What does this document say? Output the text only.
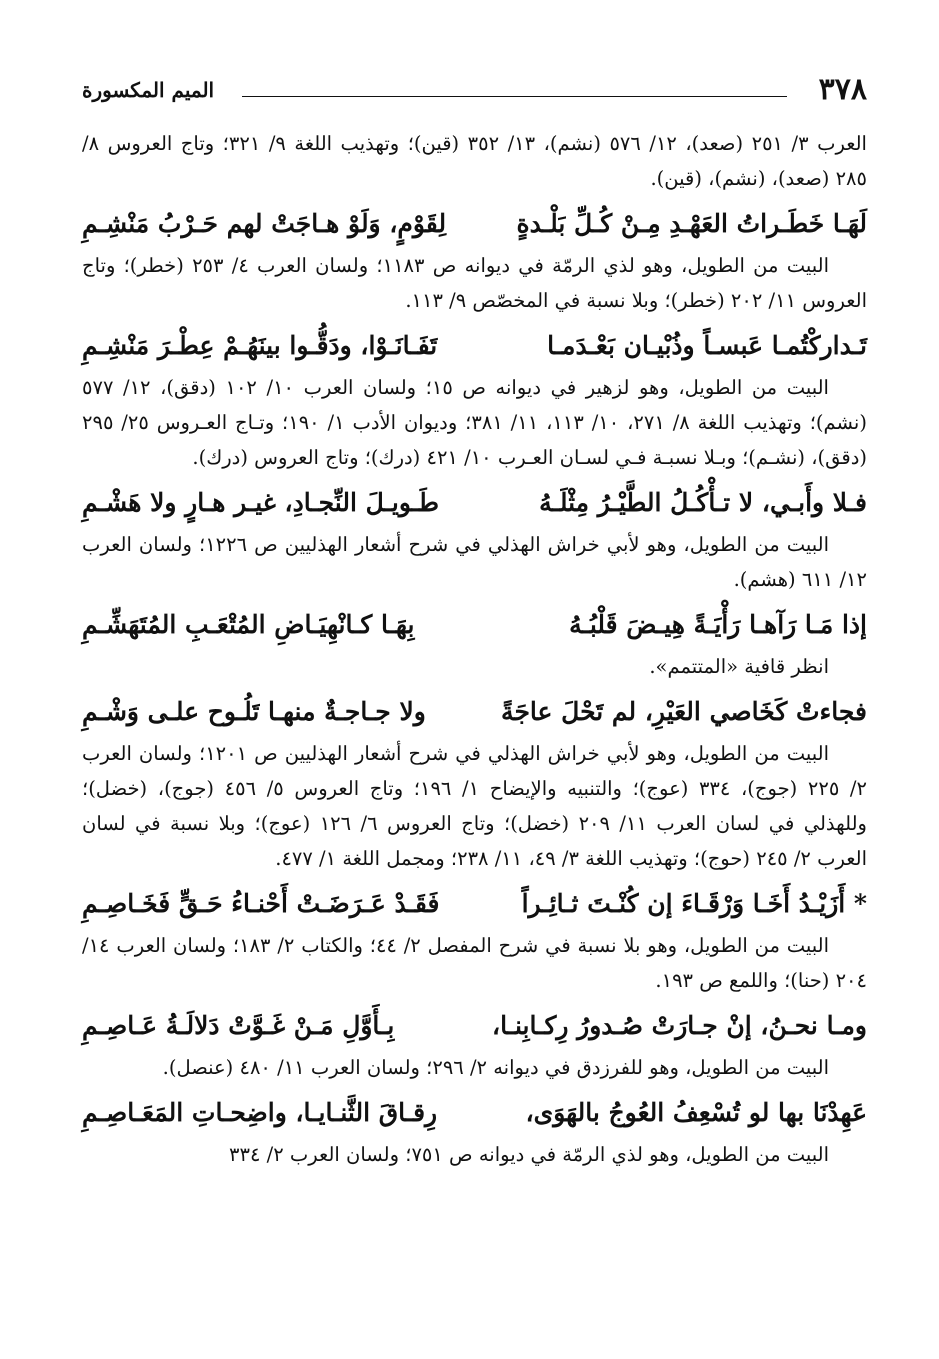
٣٧٨
الميم المكسورة

العرب ٣/ ٢٥١ (صعد)، ١٢/ ٥٧٦ (نشم)، ١٣/ ٣٥٢ (قين)؛ وتهذيب اللغة ٩/ ٣٢١؛ وتاج العروس ٨/ ٢٨٥ (صعد)، (نشم)، (قين).

لَهَـا خَطَـراتُ العَهْـدِ مِـنْ كُـلِّ بَلْـدةٍ
لِقَوْمٍ، وَلَوْ هـاجَتْ لهم حَـرْبُ مَنْشِـمِ

البيت من الطويل، وهو لذي الرمّة في ديوانه ص ١١٨٣؛ ولسان العرب ٤/ ٢٥٣ (خطر)؛ وتاج العروس ١١/ ٢٠٢ (خطر)؛ وبلا نسبة في المخصّص ٩/ ١١٣.

تَـداركْتُمـا عَبسـاً وذُبْيـان بَعْـدَمـا
تَفَـانَـوْا، ودَقُّـوا بينَهُـمْ عِطْـرَ مَنْشِـمِ

البيت من الطويل، وهو لزهير في ديوانه ص ١٥؛ ولسان العرب ١٠/ ١٠٢ (دقق)، ١٢/ ٥٧٧ (نشم)؛ وتهذيب اللغة ٨/ ٢٧١، ١٠/ ١١٣، ١١/ ٣٨١؛ وديوان الأدب ١/ ١٩٠؛ وتـاج العـروس ٢٥/ ٢٩٥ (دقق)، (نشـم)؛ وبـلا نسبـة فـي لسـان العـرب ١٠/ ٤٢١ (درك)؛ وتاج العروس (درك).

فـلا وأَبـي، لا تـأْكُـلُ الطَّيْـرُ مِثْلَـهُ
طَـويـلَ النِّجـادِ، غيـر هـارٍ ولا هَشْـمِ

البيت من الطويل، وهو لأبي خراش الهذلي في شرح أشعار الهذليين ص ١٢٢٦؛ ولسان العرب ١٢/ ٦١١ (هشم).

إذا مَـا رَآهـا رَأْيَـةً هِيـضَ قَلْبُـهُ
بِهَـا كـانْهِيَـاضِ المُتْعَـبِ المُتَهَشِّـمِ

انظر قافية «المتتمم».

فجاءتْ كَخَاصي العَيْرِ، لم تَحْلَ عاجَةً
ولا جـاجـةٌ منهـا تَلُـوح علـى وَشْـمِ

البيت من الطويل، وهو لأبي خراش الهذلي في شرح أشعار الهذليين ص ١٢٠١؛ ولسان العرب ٢/ ٢٢٥ (جوج)، ٣٣٤ (عوج)؛ والتنبيه والإيضاح ١/ ١٩٦؛ وتاج العروس ٥/ ٤٥٦ (جوج)، (خضل)؛ وللهذلي في لسان العرب ١١/ ٢٠٩ (خضل)؛ وتاج العروس ٦/ ١٢٦ (عوج)؛ وبلا نسبة في لسان العرب ٢/ ٢٤٥ (حوج)؛ وتهذيب اللغة ٣/ ٤٩، ١١/ ٢٣٨؛ ومجمل اللغة ١/ ٤٧٧.

* أَزَيْـدُ أَخَـا وَرْقَـاءَ إن كُنْـتَ ثـائِـراً
فَقَـدْ عَـرَضَـتْ أَحْنـاءُ حَـقٍّ فَخَـاصِـمِ

البيت من الطويل، وهو بلا نسبة في شرح المفصل ٢/ ٤٤؛ والكتاب ٢/ ١٨٣؛ ولسان العرب ١٤/ ٢٠٤ (حنا)؛ واللمع ص ١٩٣.

ومـا نحـنُ، إنْ جـارَتْ صُـدورُ رِكـابِنـا،
بِـأَوَّلِ مَـنْ غَـوَّتْ دَلالَـةُ عَـاصِـمِ

البيت من الطويل، وهو للفرزدق في ديوانه ٢/ ٢٩٦؛ ولسان العرب ١١/ ٤٨٠ (عنصل).

عَهِدْنَا بها لو تُسْعِفُ العُوجُ بالهَوَى،
رِقـاقَ الثَّنـايـا، واضِحـاتِ المَعَـاصِـمِ

البيت من الطويل، وهو لذي الرمّة في ديوانه ص ٧٥١؛ ولسان العرب ٢/ ٣٣٤
